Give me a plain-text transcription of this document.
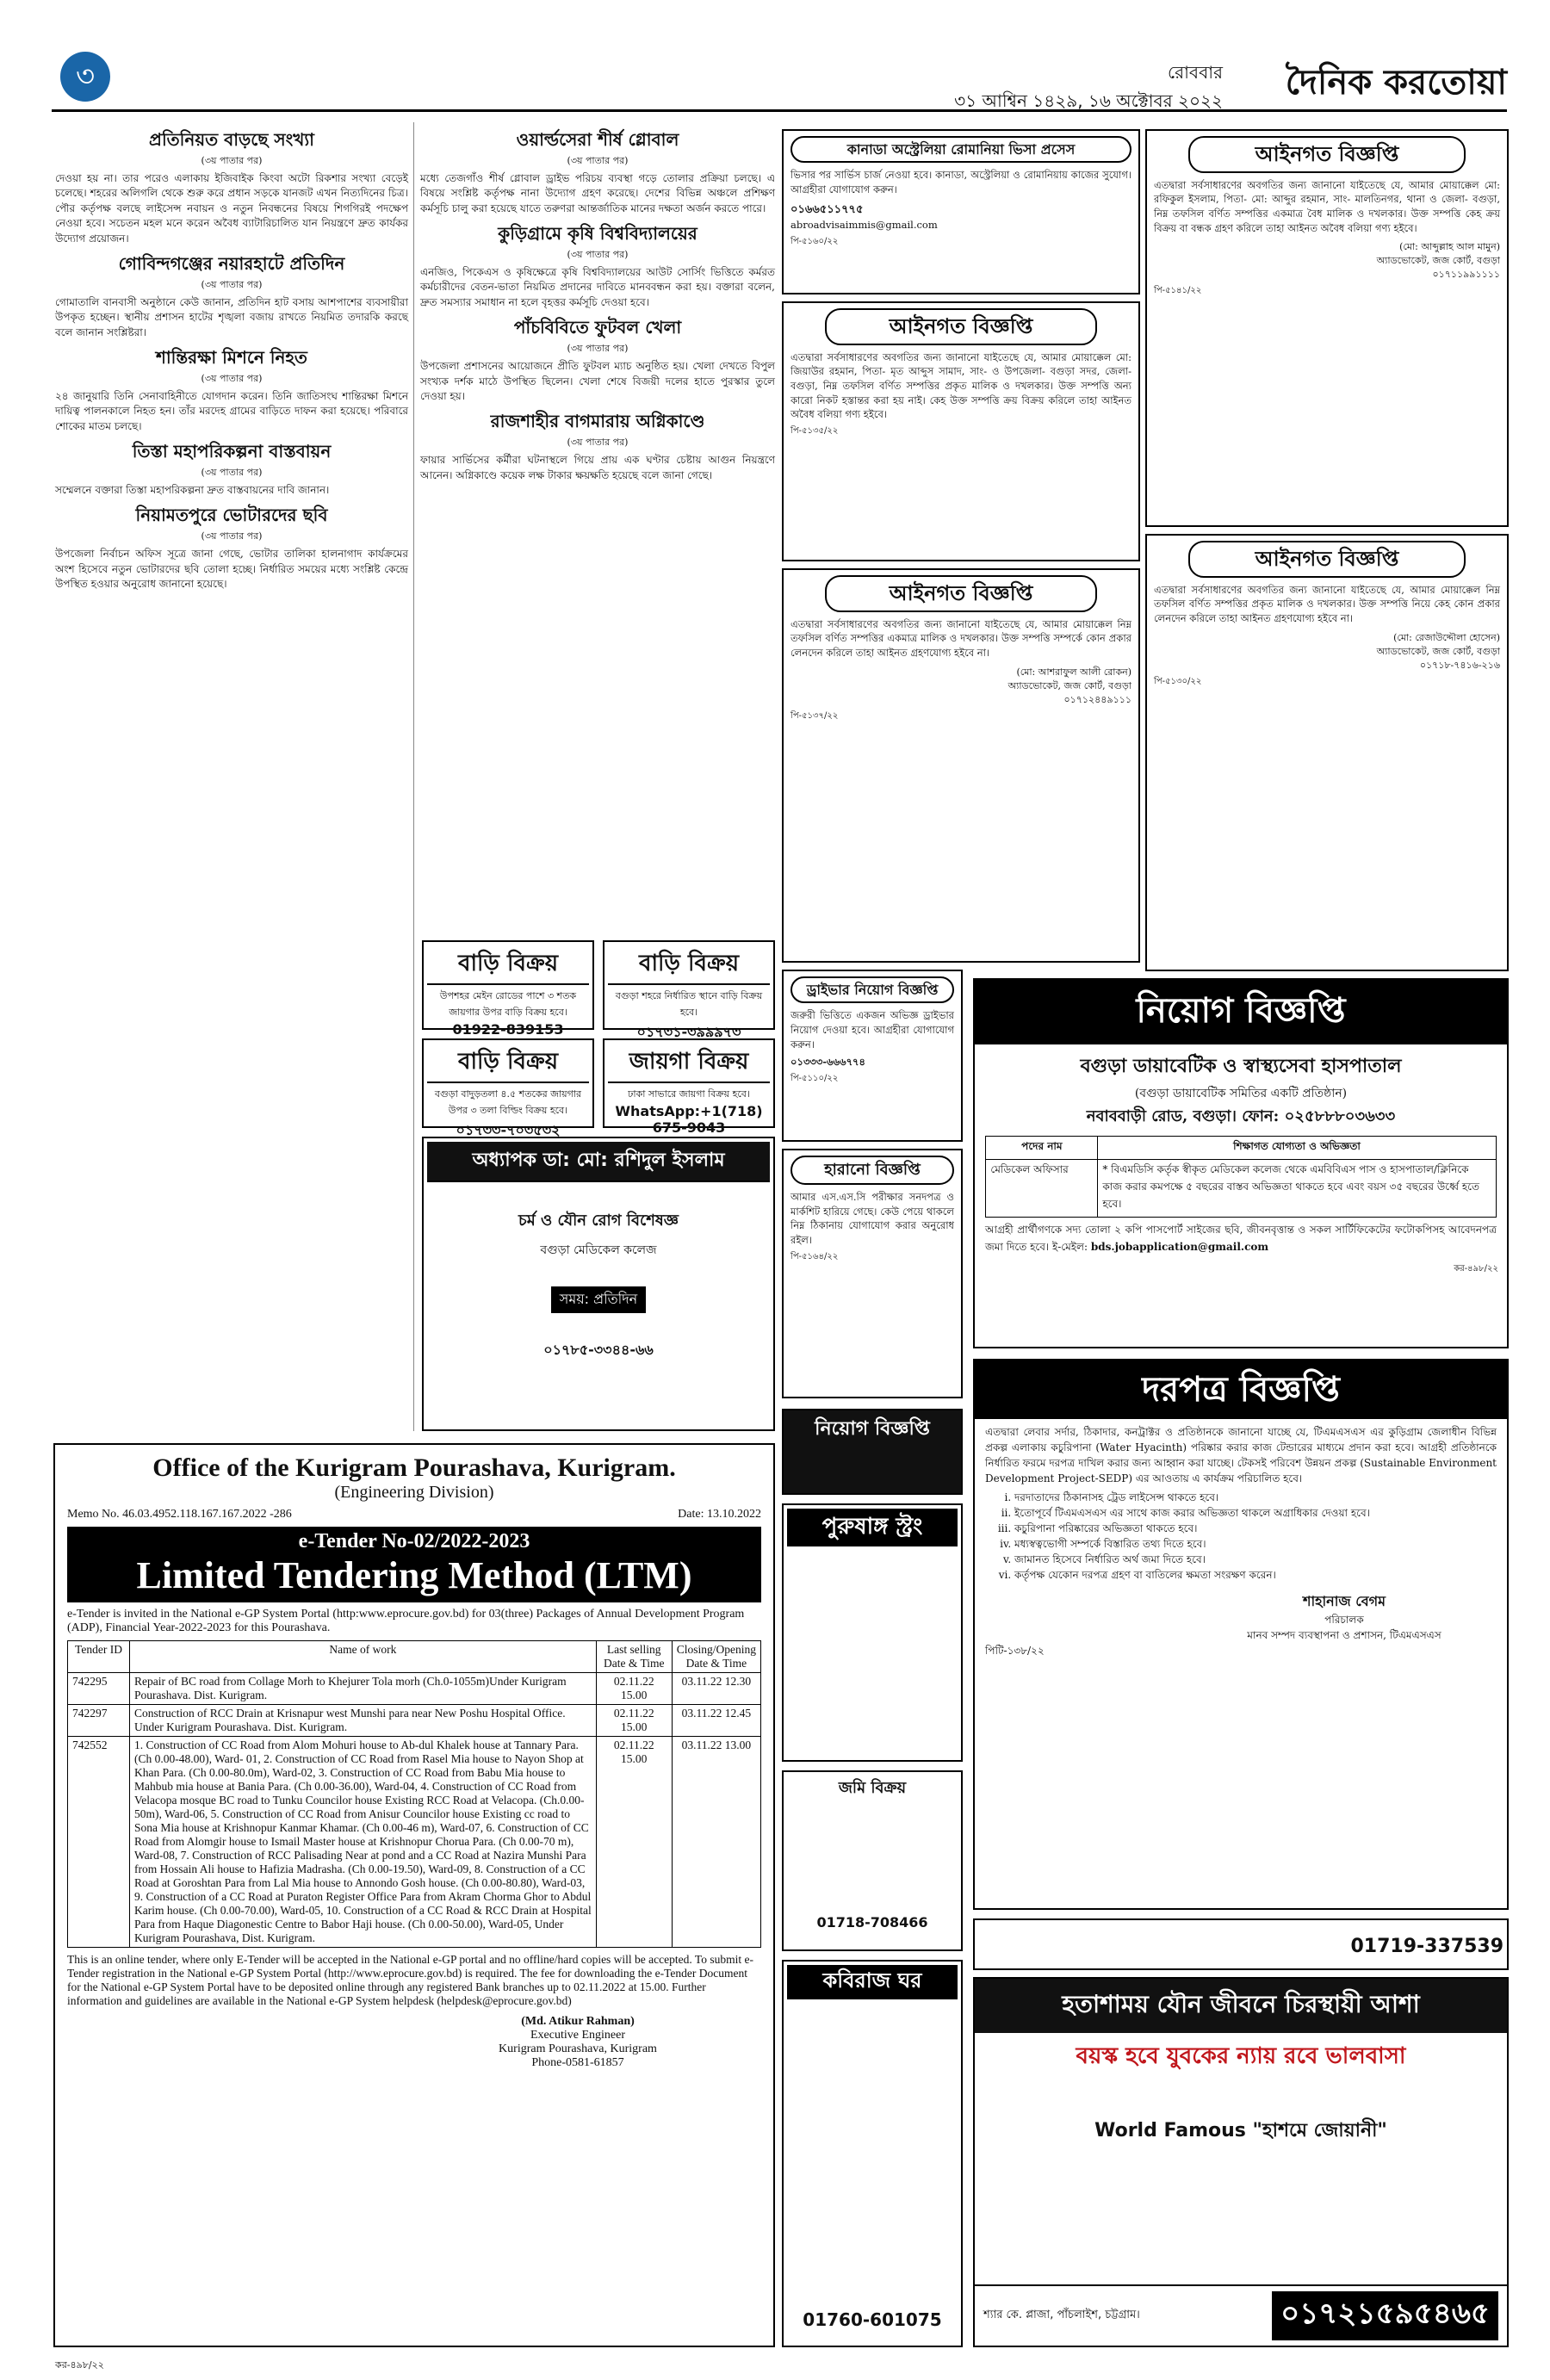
৩	রোববার
৩১ আশ্বিন ১৪২৯, ১৬ অক্টোবর ২০২২ দৈনিক করতোয়া
প্রতিনিয়ত বাড়ছে সংখ্যা
(৩য় পাতার পর)

দেওয়া হয় না। তার পরেও এলাকায় ইজিবাইক কিংবা অটো রিকশার সংখ্যা বেড়েই চলেছে। শহরের অলিগলি থেকে শুরু করে প্রধান সড়কে যানজট এখন নিত্যদিনের চিত্র। পৌর কর্তৃপক্ষ বলছে লাইসেন্স নবায়ন ও নতুন নিবন্ধনের বিষয়ে শিগগিরই পদক্ষেপ নেওয়া হবে। সচেতন মহল মনে করেন অবৈধ ব্যাটারিচালিত যান নিয়ন্ত্রণে দ্রুত কার্যকর উদ্যোগ প্রয়োজন।

গোবিন্দগঞ্জের নয়ারহাটে প্রতিদিন
(৩য় পাতার পর)

গোমাতালি বানবাসী অনুষ্ঠানে কেউ জানান, প্রতিদিন হাট বসায় আশপাশের ব্যবসায়ীরা উপকৃত হচ্ছেন। স্থানীয় প্রশাসন হাটের শৃঙ্খলা বজায় রাখতে নিয়মিত তদারকি করছে বলে জানান সংশ্লিষ্টরা।

শান্তিরক্ষা মিশনে নিহত
(৩য় পাতার পর)

২৪ জানুয়ারি তিনি সেনাবাহিনীতে যোগদান করেন। তিনি জাতিসংঘ শান্তিরক্ষা মিশনে দায়িত্ব পালনকালে নিহত হন। তাঁর মরদেহ গ্রামের বাড়িতে দাফন করা হয়েছে। পরিবারে শোকের মাতম চলছে।

তিস্তা মহাপরিকল্পনা বাস্তবায়ন
(৩য় পাতার পর)

সম্মেলনে বক্তারা তিস্তা মহাপরিকল্পনা দ্রুত বাস্তবায়নের দাবি জানান।

নিয়ামতপুরে ভোটারদের ছবি
(৩য় পাতার পর)

উপজেলা নির্বাচন অফিস সূত্রে জানা গেছে, ভোটার তালিকা হালনাগাদ কার্যক্রমের অংশ হিসেবে নতুন ভোটারদের ছবি তোলা হচ্ছে। নির্ধারিত সময়ের মধ্যে সংশ্লিষ্ট কেন্দ্রে উপস্থিত হওয়ার অনুরোধ জানানো হয়েছে।

ওয়ার্ল্ডসেরা শীর্ষ গ্লোবাল
(৩য় পাতার পর)

মধ্যে তেজগাঁও শীর্ষ গ্লোবাল ড্রাইভ পরিচয় ব্যবস্থা গড়ে তোলার প্রক্রিয়া চলছে। এ বিষয়ে সংশ্লিষ্ট কর্তৃপক্ষ নানা উদ্যোগ গ্রহণ করেছে। দেশের বিভিন্ন অঞ্চলে প্রশিক্ষণ কর্মসূচি চালু করা হয়েছে যাতে তরুণরা আন্তর্জাতিক মানের দক্ষতা অর্জন করতে পারে।

কুড়িগ্রামে কৃষি বিশ্ববিদ্যালয়ের
(৩য় পাতার পর)

এনজিও, পিকেএস ও কৃষিক্ষেত্রে কৃষি বিশ্ববিদ্যালয়ের আউট সোর্সিং ভিত্তিতে কর্মরত কর্মচারীদের বেতন-ভাতা নিয়মিত প্রদানের দাবিতে মানববন্ধন করা হয়। বক্তারা বলেন, দ্রুত সমস্যার সমাধান না হলে বৃহত্তর কর্মসূচি দেওয়া হবে।

পাঁচবিবিতে ফুটবল খেলা
(৩য় পাতার পর)

উপজেলা প্রশাসনের আয়োজনে প্রীতি ফুটবল ম্যাচ অনুষ্ঠিত হয়। খেলা দেখতে বিপুল সংখ্যক দর্শক মাঠে উপস্থিত ছিলেন। খেলা শেষে বিজয়ী দলের হাতে পুরস্কার তুলে দেওয়া হয়।

রাজশাহীর বাগমারায় অগ্নিকাণ্ডে
(৩য় পাতার পর)

ফায়ার সার্ভিসের কর্মীরা ঘটনাস্থলে গিয়ে প্রায় এক ঘণ্টার চেষ্টায় আগুন নিয়ন্ত্রণে আনেন। অগ্নিকাণ্ডে কয়েক লক্ষ টাকার ক্ষয়ক্ষতি হয়েছে বলে জানা গেছে।

বাড়ি বিক্রয়
উপশহর মেইন রোডের পাশে ৩ শতক জায়গার উপর বাড়ি বিক্রয় হবে।
01922-839153
বাড়ি বিক্রয়
বগুড়া শহরে নির্ধারিত স্থানে বাড়ি বিক্রয় হবে।
০১৭৩১-৩৯৯৯৭৩
বাড়ি বিক্রয়
বগুড়া বাদুড়তলা ৪.৫ শতকের জায়গার উপর ৩ তলা বিল্ডিং বিক্রয় হবে।
০১৭৩৩-৭০৩৫৩২
জায়গা বিক্রয়
ঢাকা সাভারে জায়গা বিক্রয় হবে।
WhatsApp:+1(718) 675-9043
অধ্যাপক ডা: মো: রশিদুল ইসলাম
চর্ম ও যৌন রোগ বিশেষজ্ঞ
বগুড়া মেডিকেল কলেজ
সময়: প্রতিদিন
০১৭৮৫-৩৩৪৪-৬৬
Office of the Kurigram Pourashava, Kurigram.
(Engineering Division)
Memo No. 46.03.4952.118.167.167.2022 -286	Date: 13.10.2022
e-Tender No-02/2022-2023
Limited Tendering Method (LTM)
e-Tender is invited in the National e-GP System Portal (http:www.eprocure.gov.bd) for 03(three) Packages of Annual Development Program (ADP), Financial Year-2022-2023 for this Pourashava.
Tender ID	Name of work	Last selling Date & Time	Closing/Opening Date & Time
742295	Repair of BC road from Collage Morh to Khejurer Tola morh (Ch.0-1055m)Under Kurigram Pourashava. Dist. Kurigram.	02.11.22 15.00	03.11.22 12.30
742297	Construction of RCC Drain at Krisnapur west Munshi para near New Poshu Hospital Office. Under Kurigram Pourashava. Dist. Kurigram.	02.11.22 15.00	03.11.22 12.45
742552	1. Construction of CC Road from Alom Mohuri house to Ab-dul Khalek house at Tannary Para. (Ch 0.00-48.00), Ward- 01, 2. Construction of CC Road from Rasel Mia house to Nayon Shop at Khan Para. (Ch 0.00-80.0m), Ward-02, 3. Construction of CC Road from Babu Mia house to Mahbub mia house at Bania Para. (Ch 0.00-36.00), Ward-04, 4. Construction of CC Road from Velacopa mosque BC road to Tunku Councilor house Existing RCC Road at Velacopa. (Ch.0.00-50m), Ward-06, 5. Construction of CC Road from Anisur Councilor house Existing cc road to Sona Mia house at Krishnopur Kanmar Khamar. (Ch 0.00-46 m), Ward-07, 6. Construction of CC Road from Alomgir house to Ismail Master house at Krishnopur Chorua Para. (Ch 0.00-70 m), Ward-08, 7. Construction of RCC Palisading Near at pond and a CC Road at Nazira Munshi Para from Hossain Ali house to Hafizia Madrasha. (Ch 0.00-19.50), Ward-09, 8. Construction of a CC Road at Goroshtan Para from Lal Mia house to Annondo Gosh house. (Ch 0.00-80.80), Ward-03, 9. Construction of a CC Road at Puraton Register Office Para from Akram Chorma Ghor to Abdul Karim house. (Ch 0.00-70.00), Ward-05, 10. Construction of a CC Road & RCC Drain at Hospital Para from Haque Diagonestic Centre to Babor Haji house. (Ch 0.00-50.00), Ward-05, Under Kurigram Pourashava, Dist. Kurigram.	02.11.22 15.00	03.11.22 13.00
This is an online tender, where only E-Tender will be accepted in the National e-GP portal and no offline/hard copies will be accepted. To submit e-Tender registration in the National e-GP System Portal (http://www.eprocure.gov.bd) is required. The fee for downloading the e-Tender Document for the National e-GP System Portal have to be deposited online through any registered Bank branches up to 02.11.2022 at 15.00. Further information and guidelines are available in the National e-GP System helpdesk (helpdesk@eprocure.gov.bd)
(Md. Atikur Rahman)
Executive Engineer
Kurigram Pourashava, Kurigram
Phone-0581-61857
কর-৪৯৮/২২
কানাডা অস্ট্রেলিয়া রোমানিয়া ভিসা প্রসেস
ভিসার পর সার্ভিস চার্জ নেওয়া হবে। কানাডা, অস্ট্রেলিয়া ও রোমানিয়ায় কাজের সুযোগ। আগ্রহীরা যোগাযোগ করুন।
০১৬৬৫১১৭৭৫
abroadvisaimmis@gmail.com
পি-৫১৬০/২২
আইনগত বিজ্ঞপ্তি
এতদ্বারা সর্বসাধারণের অবগতির জন্য জানানো যাইতেছে যে, আমার মোয়াক্কেল মো: জিয়াউর রহমান, পিতা- মৃত আব্দুস সামাদ, সাং- ও উপজেলা- বগুড়া সদর, জেলা- বগুড়া, নিম্ন তফসিল বর্ণিত সম্পত্তির প্রকৃত মালিক ও দখলকার। উক্ত সম্পত্তি অন্য কারো নিকট হস্তান্তর করা হয় নাই। কেহ উক্ত সম্পত্তি ক্রয় বিক্রয় করিলে তাহা আইনত অবৈধ বলিয়া গণ্য হইবে।
পি-৫১৩৫/২২
আইনগত বিজ্ঞপ্তি
এতদ্বারা সর্বসাধারণের অবগতির জন্য জানানো যাইতেছে যে, আমার মোয়াক্কেল নিম্ন তফসিল বর্ণিত সম্পত্তির একমাত্র মালিক ও দখলকার। উক্ত সম্পত্তি সম্পর্কে কোন প্রকার লেনদেন করিলে তাহা আইনত গ্রহণযোগ্য হইবে না।
(মো: আশরাফুল আলী রোকন)
অ্যাডভোকেট, জজ কোর্ট, বগুড়া
০১৭১২৪৪৯১১১
পি-৫১৩৭/২২
ড্রাইভার নিয়োগ বিজ্ঞপ্তি
জরুরী ভিত্তিতে একজন অভিজ্ঞ ড্রাইভার নিয়োগ দেওয়া হবে। আগ্রহীরা যোগাযোগ করুন।
০১৩৩৩-৬৬৬৭৭৪
পি-৫১১০/২২
হারানো বিজ্ঞপ্তি
আমার এস.এস.সি পরীক্ষার সনদপত্র ও মার্কশিট হারিয়ে গেছে। কেউ পেয়ে থাকলে নিম্ন ঠিকানায় যোগাযোগ করার অনুরোধ রইল।
পি-৫১৬৪/২২
নিয়োগ বিজ্ঞপ্তি
পুরুষাঙ্গ স্ট্রং
জমি বিক্রয়
01718-708466
কবিরাজ ঘর
01760-601075
আইনগত বিজ্ঞপ্তি
এতদ্বারা সর্বসাধারণের অবগতির জন্য জানানো যাইতেছে যে, আমার মোয়াক্কেল মো: রফিকুল ইসলাম, পিতা- মো: আব্দুর রহমান, সাং- মালতিনগর, থানা ও জেলা- বগুড়া, নিম্ন তফসিল বর্ণিত সম্পত্তির একমাত্র বৈধ মালিক ও দখলকার। উক্ত সম্পত্তি কেহ ক্রয় বিক্রয় বা বন্ধক গ্রহণ করিলে তাহা আইনত অবৈধ বলিয়া গণ্য হইবে।
(মো: আব্দুল্লাহ আল মামুন)
অ্যাডভোকেট, জজ কোর্ট, বগুড়া
০১৭১১৯৯১১১১
পি-৫১৪১/২২
আইনগত বিজ্ঞপ্তি
এতদ্বারা সর্বসাধারণের অবগতির জন্য জানানো যাইতেছে যে, আমার মোয়াক্কেল নিম্ন তফসিল বর্ণিত সম্পত্তির প্রকৃত মালিক ও দখলকার। উক্ত সম্পত্তি নিয়ে কেহ কোন প্রকার লেনদেন করিলে তাহা আইনত গ্রহণযোগ্য হইবে না।
(মো: রেজাউদ্দৌলা হোসেন)
অ্যাডভোকেট, জজ কোর্ট, বগুড়া
০১৭১৮-৭৪১৬-২১৬
পি-৫১৩০/২২
নিয়োগ বিজ্ঞপ্তি
বগুড়া ডায়াবেটিক ও স্বাস্থ্যসেবা হাসপাতাল
(বগুড়া ডায়াবেটিক সমিতির একটি প্রতিষ্ঠান)
নবাববাড়ী রোড, বগুড়া। ফোন: ০২৫৮৮৮০৩৬৩৩
পদের নাম	শিক্ষাগত যোগ্যতা ও অভিজ্ঞতা
মেডিকেল অফিসার	* বিএমডিসি কর্তৃক স্বীকৃত মেডিকেল কলেজ থেকে এমবিবিএস পাস ও হাসপাতাল/ক্লিনিকে কাজ করার কমপক্ষে ৫ বছরের বাস্তব অভিজ্ঞতা থাকতে হবে এবং বয়স ৩৫ বছরের উর্ধ্বে হতে হবে।
আগ্রহী প্রার্থীগণকে সদ্য তোলা ২ কপি পাসপোর্ট সাইজের ছবি, জীবনবৃত্তান্ত ও সকল সার্টিফিকেটের ফটোকপিসহ আবেদনপত্র জমা দিতে হবে। ই-মেইল: bds.jobapplication@gmail.com
কর-৪৯৮/২২
দরপত্র বিজ্ঞপ্তি

এতদ্বারা লেবার সর্দার, ঠিকাদার, কনট্রাক্টর ও প্রতিষ্ঠানকে জানানো যাচ্ছে যে, টিএমএসএস এর কুড়িগ্রাম জেলাধীন বিভিন্ন প্রকল্প এলাকায় কচুরিপানা (Water Hyacinth) পরিষ্কার করার কাজ টেন্ডারের মাধ্যমে প্রদান করা হবে। আগ্রহী প্রতিষ্ঠানকে নির্ধারিত ফরমে দরপত্র দাখিল করার জন্য আহ্বান করা যাচ্ছে। টেকসই পরিবেশ উন্নয়ন প্রকল্প (Sustainable Environment Development Project-SEDP) এর আওতায় এ কার্যক্রম পরিচালিত হবে।

i. দরদাতাদের ঠিকানাসহ ট্রেড লাইসেন্স থাকতে হবে।
ii. ইতোপূর্বে টিএমএসএস এর সাথে কাজ করার অভিজ্ঞতা থাকলে অগ্রাধিকার দেওয়া হবে।
iii. কচুরিপানা পরিষ্কারের অভিজ্ঞতা থাকতে হবে।
iv. মধ্যস্বত্বভোগী সম্পর্কে বিস্তারিত তথ্য দিতে হবে।
v. জামানত হিসেবে নির্ধারিত অর্থ জমা দিতে হবে।
vi. কর্তৃপক্ষ যেকোন দরপত্র গ্রহণ বা বাতিলের ক্ষমতা সংরক্ষণ করেন।
শাহানাজ বেগম
পরিচালক
মানব সম্পদ ব্যবস্থাপনা ও প্রশাসন, টিএমএসএস
পিটি-১৩৮/২২
01719-337539
হতাশাময় যৌন জীবনে চিরস্থায়ী আশা
বয়স্ক হবে যুবকের ন্যায় রবে ভালবাসা
World Famous "হাশমে জোয়ানী"
শ্যার কে. প্লাজা, পাঁচলাইশ, চট্টগ্রাম।	০১৭২১৫৯৫৪৬৫
